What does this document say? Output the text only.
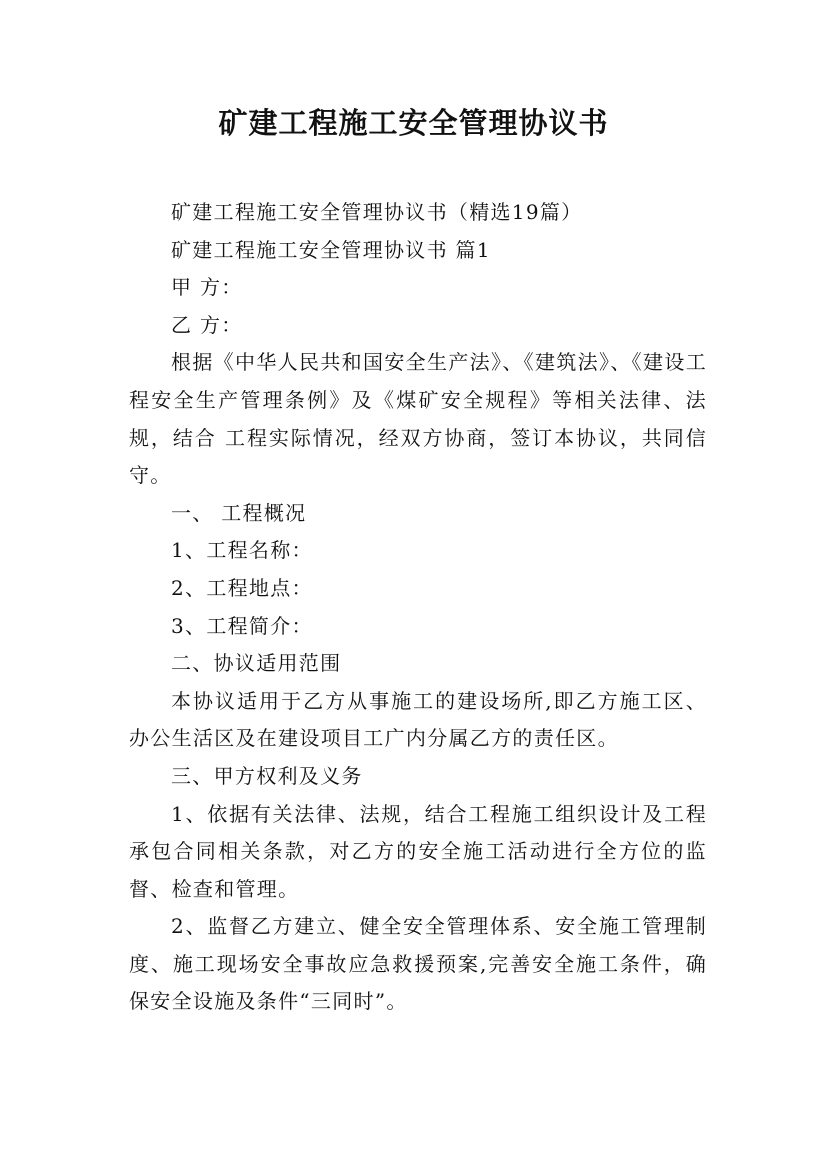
矿建工程施工安全管理协议书

矿建工程施工安全管理协议书（精选19篇）

矿建工程施工安全管理协议书 篇1

甲 方：

乙 方：

根据《中华人民共和国安全生产法》、《建筑法》、《建设工程安全生产管理条例》及《煤矿安全规程》等相关法律、法规，结合 工程实际情况，经双方协商，签订本协议，共同信守。

一、 工程概况

1、工程名称：

2、工程地点：

3、工程简介：

二、协议适用范围

本协议适用于乙方从事施工的建设场所,即乙方施工区、办公生活区及在建设项目工广内分属乙方的责任区。

三、甲方权利及义务

1、依据有关法律、法规，结合工程施工组织设计及工程承包合同相关条款，对乙方的安全施工活动进行全方位的监督、检查和管理。

2、监督乙方建立、健全安全管理体系、安全施工管理制度、施工现场安全事故应急救援预案,完善安全施工条件，确保安全设施及条件“三同时”。
